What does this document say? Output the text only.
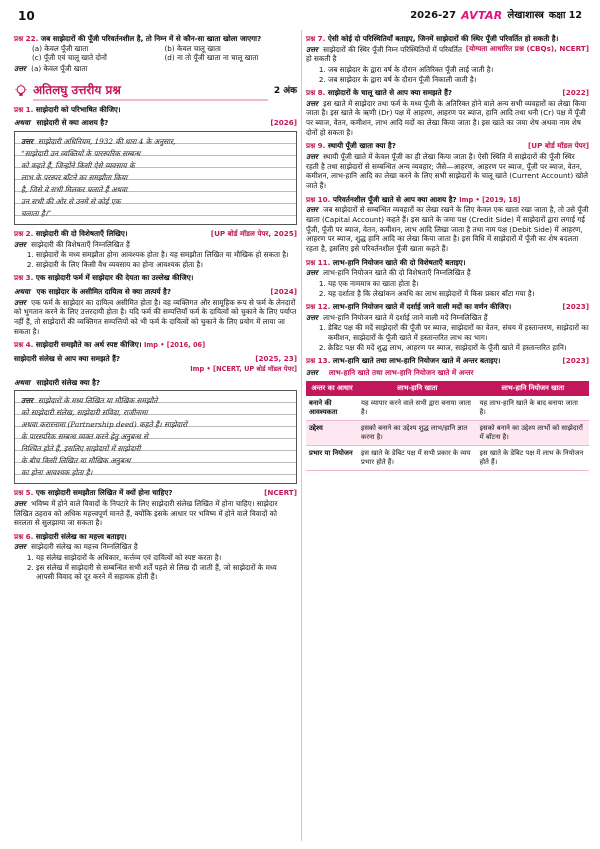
10	2026-27 AVTAR लेखाशास्त्र कक्षा 12
प्रश्न 22. जब साझेदारों की पूँजी परिवर्तनशील है, तो निम्न में से कौन-सा खाता खोला जाएगा?
(a) केवल पूँजी खाता	(b) केवल चालू खाता
(c) पूँजी एवं चालू खाते दोनों	(d) ना तो पूँजी खाता ना चालू खाता
उत्तर (a) केवल पूँजी खाता
अतिलघु उत्तरीय प्रश्न	2 अंक
प्रश्न 1. साझेदारी को परिभाषित कीजिए।
अथवा साझेदारी से क्या आशय है?	[2026]
उत्तर साझेदारी अधिनियम, 1932 की धारा 4 के अनुसार,
“साझेदारी उन व्यक्तियों के पारस्परिक सम्बन्ध
को कहते हैं, जिन्होंने किसी ऐसे व्यवसाय के
लाभ के परस्पर बाँटने का समझौता किया
है, जिसे वे सभी मिलकर चलाते हैं अथवा
उन सभी की ओर से उनमें से कोई एक
चलाता है।”
प्रश्न 2. साझेदारी की दो विशेषताएँ लिखिए।	[UP बोर्ड मॉडल पेपर, 2025]
उत्तर साझेदारी की विशेषताएँ निम्नलिखित हैं
1. साझेदारों के मध्य समझौता होना आवश्यक होता है। यह समझौता लिखित या मौखिक हो सकता है।
2. साझेदारी के लिए किसी वैध व्यवसाय का होना आवश्यक होता है।
प्रश्न 3. एक साझेदारी फर्म में साझेदार की देयता का उल्लेख कीजिए।
अथवा एक साझेदार के असीमित दायित्व से क्या तात्पर्य है?	[2024]
उत्तर एक फर्म के साझेदार का दायित्व असीमित होता है। वह व्यक्तिगत और सामूहिक रूप से फर्म के लेनदारों को भुगतान करने के लिए उत्तरदायी होता है। यदि फर्म की सम्पत्तियाँ फर्म के दायित्वों को चुकाने के लिए पर्याप्त नहीं हैं, तो साझेदारों की व्यक्तिगत सम्पत्तियों को भी फर्म के दायित्वों को चुकाने के लिए प्रयोग में लाया जा सकता है।
प्रश्न 4. साझेदारी समझौते का अर्थ स्पष्ट कीजिए। Imp • [2016, 06]
साझेदारी संलेख से आप क्या समझते हैं?	[2025, 23]
Imp • [NCERT, UP बोर्ड मॉडल पेपर]
अथवा साझेदारी संलेख क्या है?
उत्तर साझेदारों के मध्य लिखित या मौखिक समझौते
को साझेदारी संलेख, साझेदारी संविदा, राजीनामा
अथवा करारनामा (Partnership deed) कहते हैं। साझेदारों
के पारस्परिक सम्बन्ध व्यक्त करने हेतु अनुबन्ध से
निश्चित होते हैं, इसलिए साझेदारों में साझेदारी
के बीच किसी लिखित या मौखिक अनुबन्ध
का होना आवश्यक होता है।
प्रश्न 5. एक साझेदारी समझौता लिखित में क्यों होना चाहिए?	[NCERT]
उत्तर भविष्य में होने वाले विवादों के निपटारे के लिए साझेदारी संलेख लिखित में होना चाहिए। साझेदार लिखित ठहराव को अधिक महत्त्वपूर्ण मानते हैं, क्योंकि इसके आधार पर भविष्य में होने वाले विवादों को सरलता से सुलझाया जा सकता है।
प्रश्न 6. साझेदारी संलेख का महत्त्व बताइए।
उत्तर साझेदारी संलेख का महत्त्व निम्नलिखित है
1. यह संलेख साझेदारों के अधिकार, कर्त्तव्य एवं दायित्वों को स्पष्ट करता है।
2. इस संलेख में साझेदारी से सम्बन्धित सभी शर्तें पहले से लिख दी जाती हैं, जो साझेदारों के मध्य आपसी विवाद को दूर करने में सहायक होती हैं।
प्रश्न 7. ऐसी कोई दो परिस्थितियाँ बताइए, जिनमें साझेदारों की स्थिर पूँजी परिवर्तित हो सकती है।
[योग्यता आधारित प्रश्न (CBQs), NCERT]
उत्तर साझेदारों की स्थिर पूँजी निम्न परिस्थितियों में परिवर्तित हो सकती है
1. जब साझेदार के द्वारा वर्ष के दौरान अतिरिक्त पूँजी लाई जाती है।
2. जब साझेदार के द्वारा वर्ष के दौरान पूँजी निकाली जाती है।
प्रश्न 8. साझेदारों के चालू खाते से आप क्या समझते हैं?	[2022]
उत्तर इस खाते में साझेदार तथा फर्म के मध्य पूँजी के अतिरिक्त होने वाले अन्य सभी व्यवहारों का लेखा किया जाता है। इस खाते के ऋणी (Dr) पक्ष में आहरण, आहरण पर ब्याज, हानि आदि तथा धनी (Cr) पक्ष में पूँजी पर ब्याज, वेतन, कमीशन, लाभ आदि मदों का लेखा किया जाता है। इस खाते का जमा शेष अथवा नाम शेष दोनों हो सकता है।
प्रश्न 9. स्थायी पूँजी खाता क्या है?	[UP बोर्ड मॉडल पेपर]
उत्तर स्थायी पूँजी खाते में केवल पूँजी का ही लेखा किया जाता है। ऐसी स्थिति में साझेदारों की पूँजी स्थिर रहती है तथा साझेदारों से सम्बन्धित अन्य व्यवहार; जैसे—आहरण, आहरण पर ब्याज, पूँजी पर ब्याज, वेतन, कमीशन, लाभ-हानि आदि का लेखा करने के लिए सभी साझेदारों के चालू खाते (Current Account) खोले जाते हैं।
प्रश्न 10. परिवर्तनशील पूँजी खाते से आप क्या आशय है? Imp • [2019, 18]
उत्तर जब साझेदारों से सम्बन्धित व्यवहारों का लेखा रखने के लिए केवल एक खाता रखा जाता है, तो उसे पूँजी खाता (Capital Account) कहते हैं। इस खाते के जमा पक्ष (Credit Side) में साझेदारों द्वारा लगाई गई पूँजी, पूँजी पर ब्याज, वेतन, कमीशन, लाभ आदि लिखा जाता है तथा नाम पक्ष (Debit Side) में आहरण, आहरण पर ब्याज, शुद्ध हानि आदि का लेखा किया जाता है। इस विधि में साझेदारों में पूँजी का शेष बदलता रहता है, इसलिए इसे परिवर्तनशील पूँजी खाता कहते हैं।
प्रश्न 11. लाभ-हानि नियोजन खाते की दो विशेषताएँ बताइए।
उत्तर लाभ-हानि नियोजन खाते की दो विशेषताएँ निम्नलिखित हैं
1. यह एक नाममात्र का खाता होता है।
2. यह दर्शाता है कि लेखांकन अवधि का लाभ साझेदारों में किस प्रकार बाँटा गया है।
प्रश्न 12. लाभ-हानि नियोजन खाते में दर्शाई जाने वाली मदों का वर्णन कीजिए।	[2023]
उत्तर लाभ-हानि नियोजन खाते में दर्शाई जाने वाली मदें निम्नलिखित हैं
1. डेबिट पक्ष की मदें साझेदारों की पूँजी पर ब्याज, साझेदारों का वेतन, संचय में हस्तान्तरण, साझेदारों का कमीशन, साझेदारों के पूँजी खाते में हस्तान्तरित लाभ का भाग।
2. क्रेडिट पक्ष की मदें शुद्ध लाभ, आहरण पर ब्याज, साझेदारों के पूँजी खाते में हस्तान्तरित हानि।
प्रश्न 13. लाभ-हानि खाते तथा लाभ-हानि नियोजन खाते में अन्तर बताइए।	[2023]
उत्तर लाभ-हानि खाते तथा लाभ-हानि नियोजन खाते में अन्तर
अन्तर का आधार	लाभ-हानि खाता	लाभ-हानि नियोजन खाता
बनाने की आवश्यकता	यह व्यापार करने वाले सभी द्वारा बनाया जाता है।	यह लाभ-हानि खाते के बाद बनाया जाता है।
उद्देश्य	इसको बनाने का उद्देश्य शुद्ध लाभ/हानि ज्ञात करना है।	इसको बनाने का उद्देश्य लाभों को साझेदारों में बाँटना है।
प्रभार या नियोजन	इस खाते के डेबिट पक्ष में सभी प्रकार के व्यय प्रभार होते हैं।	इस खाते के डेबिट पक्ष में लाभ के नियोजन होते हैं।
